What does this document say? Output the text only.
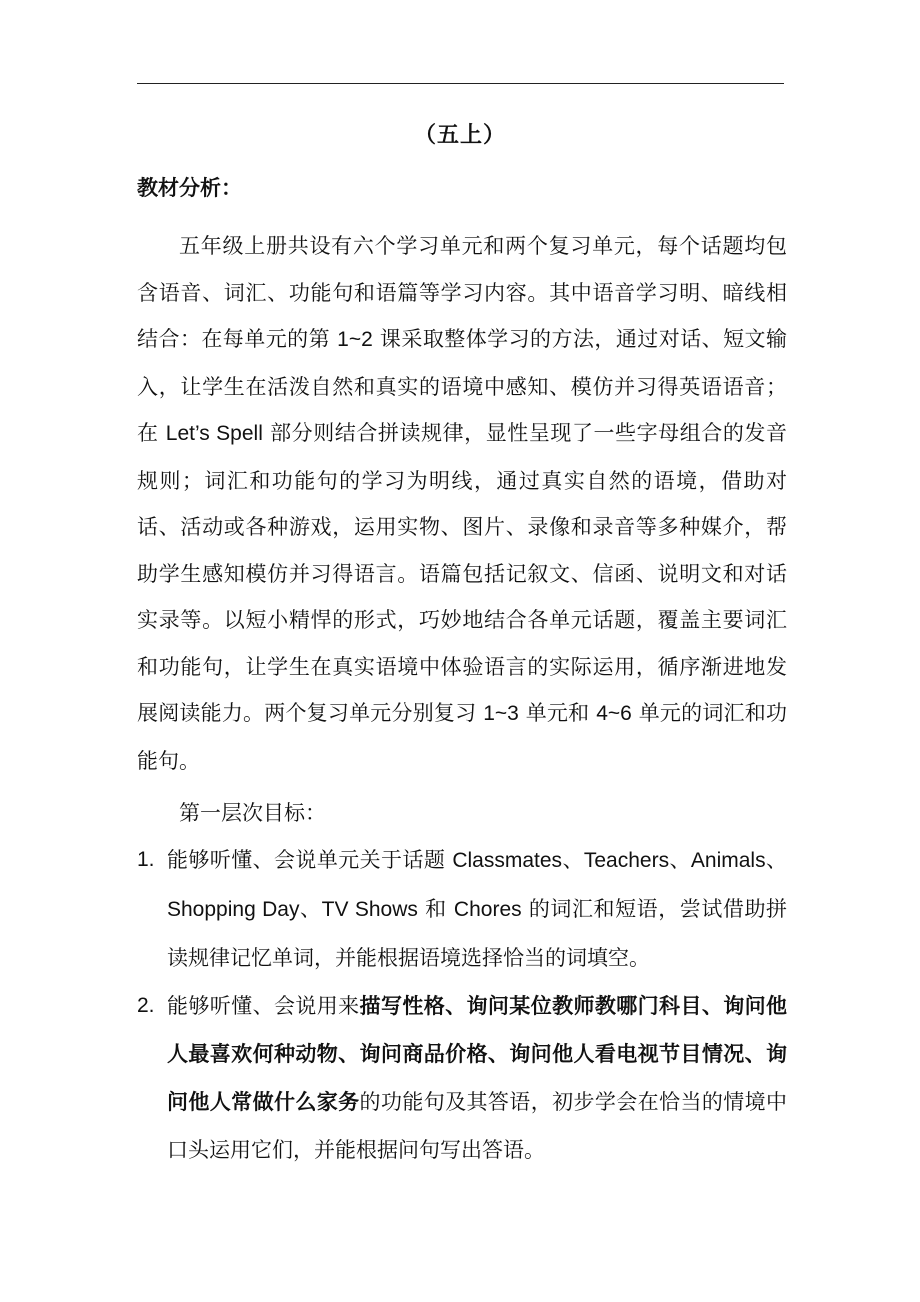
（五上）
教材分析：

五年级上册共设有六个学习单元和两个复习单元，每个话题均包含语音、词汇、功能句和语篇等学习内容。其中语音学习明、暗线相结合：在每单元的第 1~2 课采取整体学习的方法，通过对话、短文输入，让学生在活泼自然和真实的语境中感知、模仿并习得英语语音；在 Let’s Spell 部分则结合拼读规律，显性呈现了一些字母组合的发音规则；词汇和功能句的学习为明线，通过真实自然的语境，借助对话、活动或各种游戏，运用实物、图片、录像和录音等多种媒介，帮助学生感知模仿并习得语言。语篇包括记叙文、信函、说明文和对话实录等。以短小精悍的形式，巧妙地结合各单元话题，覆盖主要词汇和功能句，让学生在真实语境中体验语言的实际运用，循序渐进地发展阅读能力。两个复习单元分别复习 1~3 单元和 4~6 单元的词汇和功能句。

第一层次目标：
1. 能够听懂、会说单元关于话题 Classmates、Teachers、Animals、Shopping Day、TV Shows 和 Chores 的词汇和短语，尝试借助拼读规律记忆单词，并能根据语境选择恰当的词填空。
2. 能够听懂、会说用来描写性格、询问某位教师教哪门科目、询问他人最喜欢何种动物、询问商品价格、询问他人看电视节目情况、询问他人常做什么家务的功能句及其答语，初步学会在恰当的情境中口头运用它们，并能根据问句写出答语。
